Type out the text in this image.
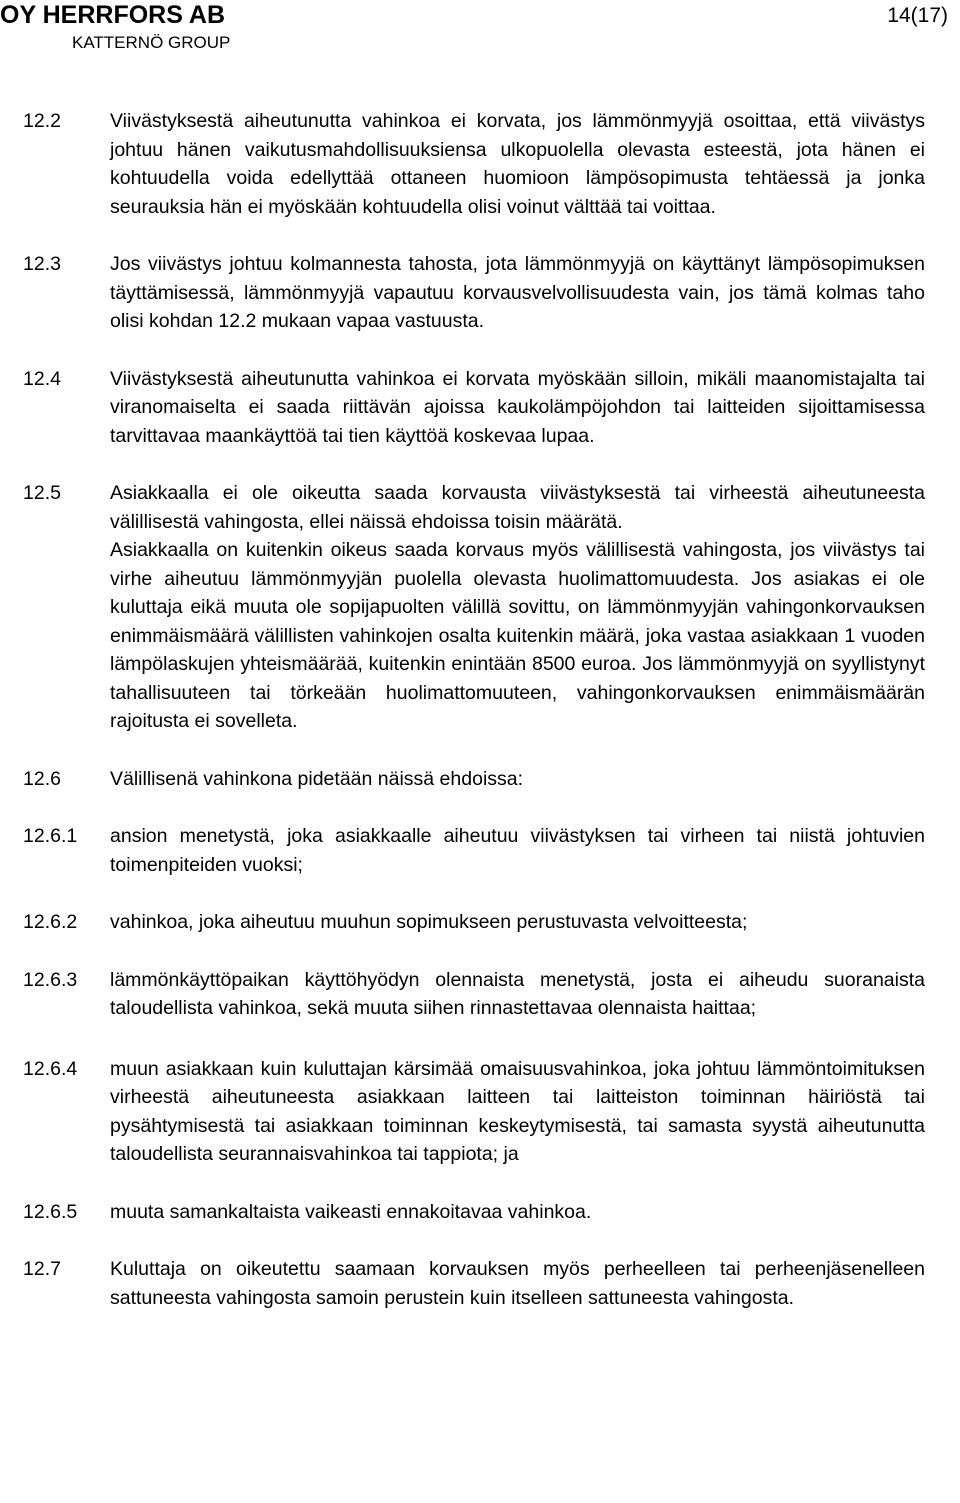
OY HERRFORS AB
KATTERNÖ GROUP
14(17)
12.2	Viivästyksestä aiheutunutta vahinkoa ei korvata, jos lämmönmyyjä osoittaa, että viivästys johtuu hänen vaikutusmahdollisuuksiensa ulkopuolella olevasta esteestä, jota hänen ei kohtuudella voida edellyttää ottaneen huomioon lämpösopimusta tehtäessä ja jonka seurauksia hän ei myöskään kohtuudella olisi voinut välttää tai voittaa.

12.3	Jos viivästys johtuu kolmannesta tahosta, jota lämmönmyyjä on käyttänyt lämpösopimuksen täyttämisessä, lämmönmyyjä vapautuu korvausvelvollisuudesta vain, jos tämä kolmas taho olisi kohdan 12.2 mukaan vapaa vastuusta.

12.4	Viivästyksestä aiheutunutta vahinkoa ei korvata myöskään silloin, mikäli maanomistajalta tai viranomaiselta ei saada riittävän ajoissa kaukolämpöjohdon tai laitteiden sijoittamisessa tarvittavaa maankäyttöä tai tien käyttöä koskevaa lupaa.

12.5	Asiakkaalla ei ole oikeutta saada korvausta viivästyksestä tai virheestä aiheutuneesta välillisestä vahingosta, ellei näissä ehdoissa toisin määrätä.

Asiakkaalla on kuitenkin oikeus saada korvaus myös välillisestä vahingosta, jos viivästys tai virhe aiheutuu lämmönmyyjän puolella olevasta huolimattomuudesta. Jos asiakas ei ole kuluttaja eikä muuta ole sopijapuolten välillä sovittu, on lämmönmyyjän vahingonkorvauksen enimmäismäärä välillisten vahinkojen osalta kuitenkin määrä, joka vastaa asiakkaan 1 vuoden lämpölaskujen yhteismäärää, kuitenkin enintään 8500 euroa. Jos lämmönmyyjä on syyllistynyt tahallisuuteen tai törkeään huolimattomuuteen, vahingonkorvauksen enimmäismäärän rajoitusta ei sovelleta.

12.6	Välillisenä vahinkona pidetään näissä ehdoissa:

12.6.1	ansion menetystä, joka asiakkaalle aiheutuu viivästyksen tai virheen tai niistä johtuvien toimenpiteiden vuoksi;

12.6.2	vahinkoa, joka aiheutuu muuhun sopimukseen perustuvasta velvoitteesta;

12.6.3	lämmönkäyttöpaikan käyttöhyödyn olennaista menetystä, josta ei aiheudu suoranaista taloudellista vahinkoa, sekä muuta siihen rinnastettavaa olennaista haittaa;

12.6.4	muun asiakkaan kuin kuluttajan kärsimää omaisuusvahinkoa, joka johtuu lämmöntoimituksen virheestä aiheutuneesta asiakkaan laitteen tai laitteiston toiminnan häiriöstä tai pysähtymisestä tai asiakkaan toiminnan keskeytymisestä, tai samasta syystä aiheutunutta taloudellista seurannaisvahinkoa tai tappiota; ja

12.6.5	muuta samankaltaista vaikeasti ennakoitavaa vahinkoa.

12.7	Kuluttaja on oikeutettu saamaan korvauksen myös perheelleen tai perheenjäsenelleen sattuneesta vahingosta samoin perustein kuin itselleen sattuneesta vahingosta.
